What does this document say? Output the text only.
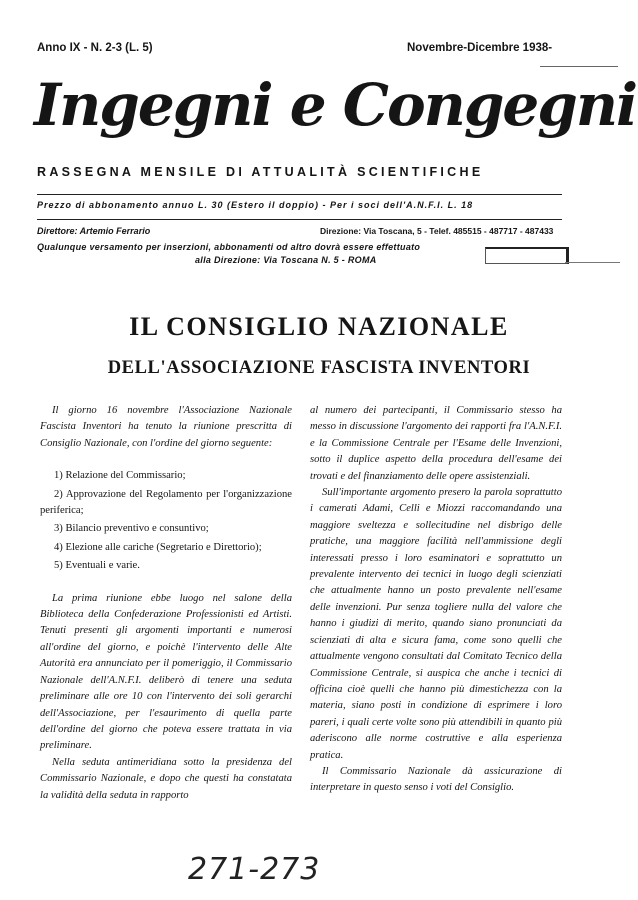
Anno IX - N. 2-3 (L. 5)	Novembre-Dicembre 1938-
Ingegni e Congegni
RASSEGNA MENSILE DI ATTUALITÀ SCIENTIFICHE
Prezzo di abbonamento annuo L. 30 (Estero il doppio) - Per i soci dell'A.N.F.I. L. 18
Direttore: Artemio Ferrario	Direzione: Via Toscana, 5 - Telef. 485515 - 487717 - 487433
Qualunque versamento per inserzioni, abbonamenti od altro dovrà essere effettuato
alla Direzione: Via Toscana N. 5 - ROMA
IL CONSIGLIO NAZIONALE
DELL'ASSOCIAZIONE FASCISTA INVENTORI

Il giorno 16 novembre l'Associazione Nazionale Fascista Inventori ha tenuto la riunione prescritta di Consiglio Nazionale, con l'ordine del giorno seguente:

1) Relazione del Commissario;

2) Approvazione del Regolamento per l'organizzazione periferica;

3) Bilancio preventivo e consuntivo;

4) Elezione alle cariche (Segretario e Direttorio);

5) Eventuali e varie.

La prima riunione ebbe luogo nel salone della Biblioteca della Confederazione Professionisti ed Artisti. Tenuti presenti gli argomenti importanti e numerosi all'ordine del giorno, e poichè l'intervento delle Alte Autorità era annunciato per il pomeriggio, il Commissario Nazionale dell'A.N.F.I. deliberò di tenere una seduta preliminare alle ore 10 con l'intervento dei soli gerarchi dell'Associazione, per l'esaurimento di quella parte dell'ordine del giorno che poteva essere trattata in via preliminare.

Nella seduta antimeridiana sotto la presidenza del Commissario Nazionale, e dopo che questi ha constatata la validità della seduta in rapporto

al numero dei partecipanti, il Commissario stesso ha messo in discussione l'argomento dei rapporti fra l'A.N.F.I. e la Commissione Centrale per l'Esame delle Invenzioni, sotto il duplice aspetto della procedura dell'esame dei trovati e del finanziamento delle opere assistenziali.

Sull'importante argomento presero la parola soprattutto i camerati Adami, Celli e Miozzi raccomandando una maggiore sveltezza e sollecitudine nel disbrigo delle pratiche, una maggiore facilità nell'ammissione degli interessati presso i loro esaminatori e soprattutto un prevalente intervento dei tecnici in luogo degli scienziati che attualmente hanno un posto prevalente nell'esame delle invenzioni. Pur senza togliere nulla del valore che hanno i giudizi di merito, quando siano pronunciati da scienziati di alta e sicura fama, come sono quelli che attualmente vengono consultati dal Comitato Tecnico della Commissione Centrale, si auspica che anche i tecnici di officina cioè quelli che hanno più dimestichezza con la materia, siano posti in condizione di esprimere i loro pareri, i quali certe volte sono più attendibili in quanto più aderiscono alle norme costruttive e alla esperienza pratica.

Il Commissario Nazionale dà assicurazione di interpretare in questo senso i voti del Consiglio.

271-273
